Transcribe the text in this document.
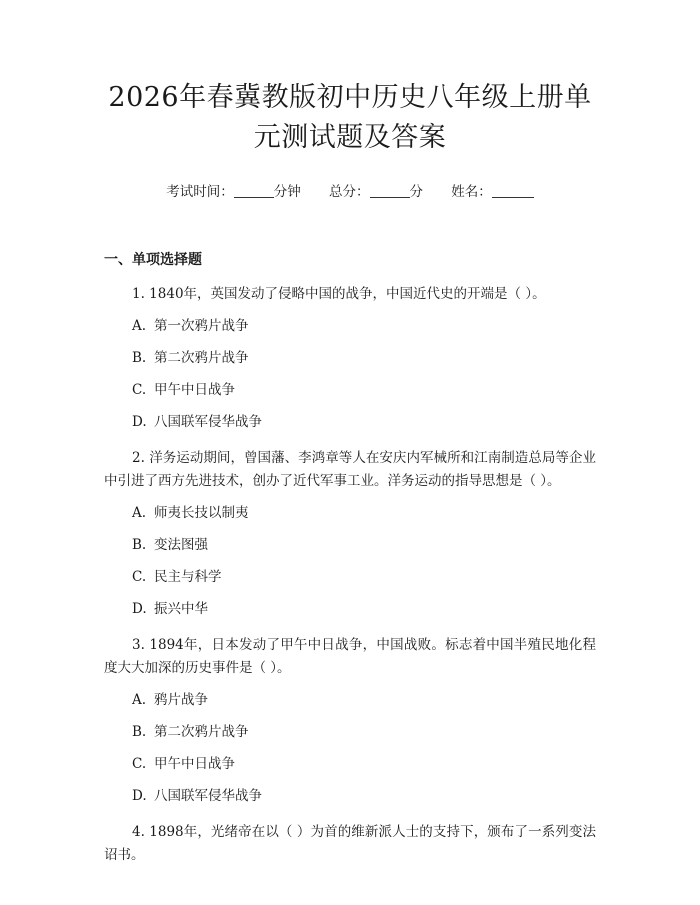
2026年春冀教版初中历史八年级上册单元测试题及答案
考试时间：	分钟 总分：	分 姓名：
一、单项选择题

1. 1840年，英国发动了侵略中国的战争，中国近代史的开端是（ ）。

A. 第一次鸦片战争
B. 第二次鸦片战争
C. 甲午中日战争
D. 八国联军侵华战争

2. 洋务运动期间，曾国藩、李鸿章等人在安庆内军械所和江南制造总局等企业中引进了西方先进技术，创办了近代军事工业。洋务运动的指导思想是（ ）。

A. 师夷长技以制夷
B. 变法图强
C. 民主与科学
D. 振兴中华

3. 1894年，日本发动了甲午中日战争，中国战败。标志着中国半殖民地化程度大大加深的历史事件是（ ）。

A. 鸦片战争
B. 第二次鸦片战争
C. 甲午中日战争
D. 八国联军侵华战争

4. 1898年，光绪帝在以（ ）为首的维新派人士的支持下，颁布了一系列变法诏书。
